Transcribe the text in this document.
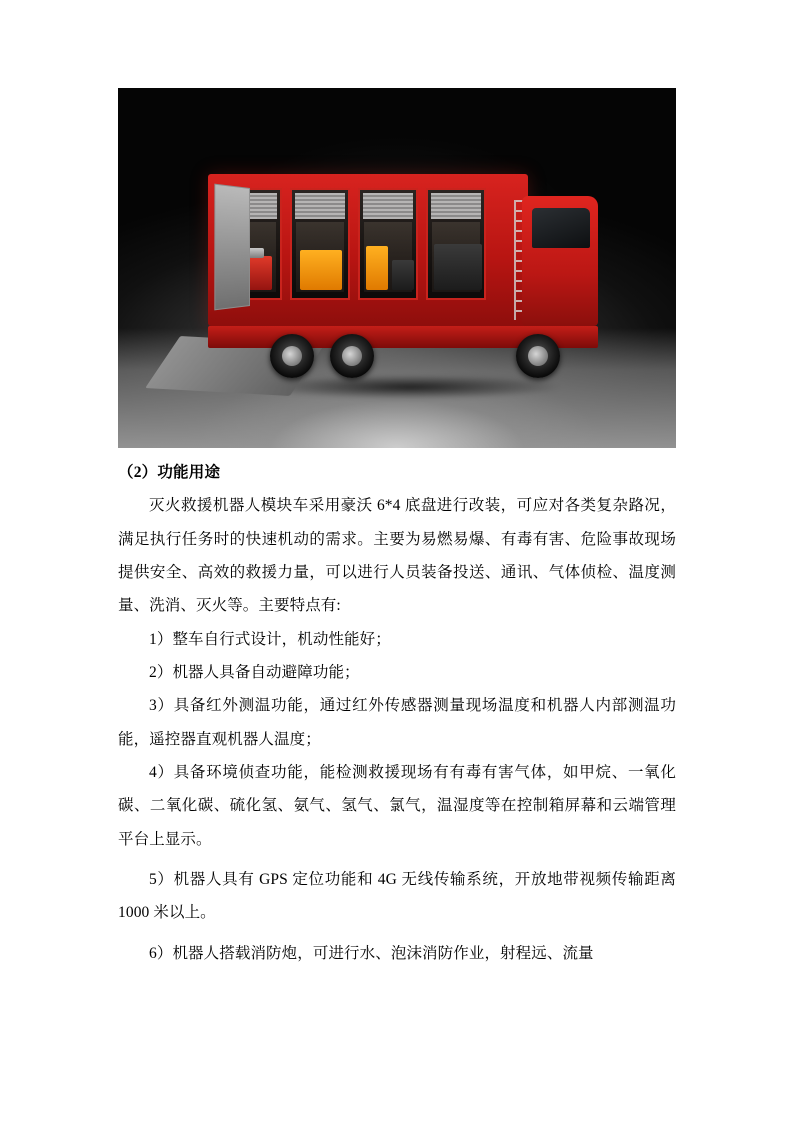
（2）功能用途

灭火救援机器人模块车采用豪沃 6*4 底盘进行改装，可应对各类复杂路况，满足执行任务时的快速机动的需求。主要为易燃易爆、有毒有害、危险事故现场提供安全、高效的救援力量，可以进行人员装备投送、通讯、气体侦检、温度测量、洗消、灭火等。主要特点有:

1）整车自行式设计，机动性能好；

2）机器人具备自动避障功能；

3）具备红外测温功能，通过红外传感器测量现场温度和机器人内部测温功能，遥控器直观机器人温度；

4）具备环境侦查功能，能检测救援现场有有毒有害气体，如甲烷、一氧化碳、二氧化碳、硫化氢、氨气、氢气、氯气，温湿度等在控制箱屏幕和云端管理平台上显示。

5）机器人具有 GPS 定位功能和 4G 无线传输系统，开放地带视频传输距离 1000 米以上。

6）机器人搭载消防炮，可进行水、泡沫消防作业，射程远、流量
